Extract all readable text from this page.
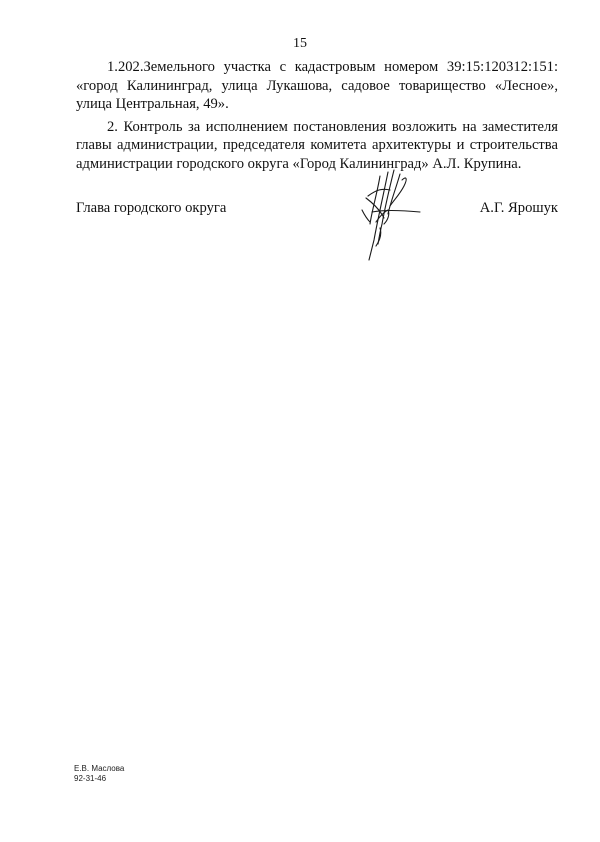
15

1.202.Земельного участка с кадастровым номером 39:15:120312:151: «город Калининград, улица Лукашова, садовое товарищество «Лесное», улица Центральная, 49».

2. Контроль за исполнением постановления возложить на заместителя главы администрации, председателя комитета архитектуры и строительства администрации городского округа «Город Калининград» А.Л. Крупина.

Глава городского округа	А.Г. Ярошук
Е.В. Маслова
92-31-46
